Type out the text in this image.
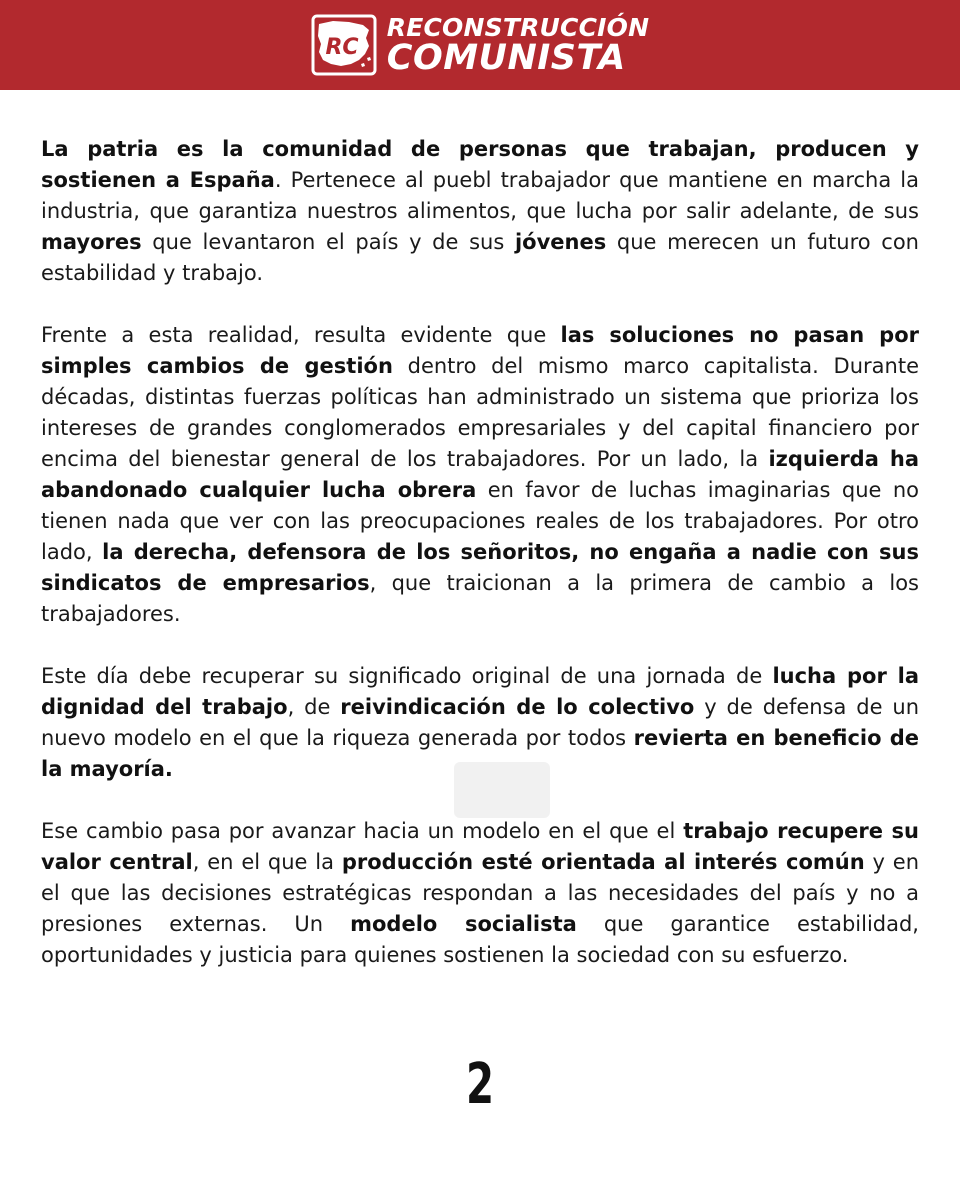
RC
RECONSTRUCCIÓN
COMUNISTA

La patria es la comunidad de personas que trabajan, producen y sostienen a España. Pertenece al puebl trabajador que mantiene en marcha la industria, que garantiza nuestros alimentos, que lucha por salir adelante, de sus mayores que levantaron el país y de sus jóvenes que merecen un futuro con estabilidad y trabajo.

Frente a esta realidad, resulta evidente que las soluciones no pasan por simples cambios de gestión dentro del mismo marco capitalista. Durante décadas, distintas fuerzas políticas han administrado un sistema que prioriza los intereses de grandes conglomerados empresariales y del capital financiero por encima del bienestar general de los trabajadores. Por un lado, la izquierda ha abandonado cualquier lucha obrera en favor de luchas imaginarias que no tienen nada que ver con las preocupaciones reales de los trabajadores. Por otro lado, la derecha, defensora de los señoritos, no engaña a nadie con sus sindicatos de empresarios, que traicionan a la primera de cambio a los trabajadores.

Este día debe recuperar su significado original de una jornada de lucha por la dignidad del trabajo, de reivindicación de lo colectivo y de defensa de un nuevo modelo en el que la riqueza generada por todos revierta en beneficio de la mayoría.

Ese cambio pasa por avanzar hacia un modelo en el que el trabajo recupere su valor central, en el que la producción esté orientada al interés común y en el que las decisiones estratégicas respondan a las necesidades del país y no a presiones externas. Un modelo socialista que garantice estabilidad, oportunidades y justicia para quienes sostienen la sociedad con su esfuerzo.

2
